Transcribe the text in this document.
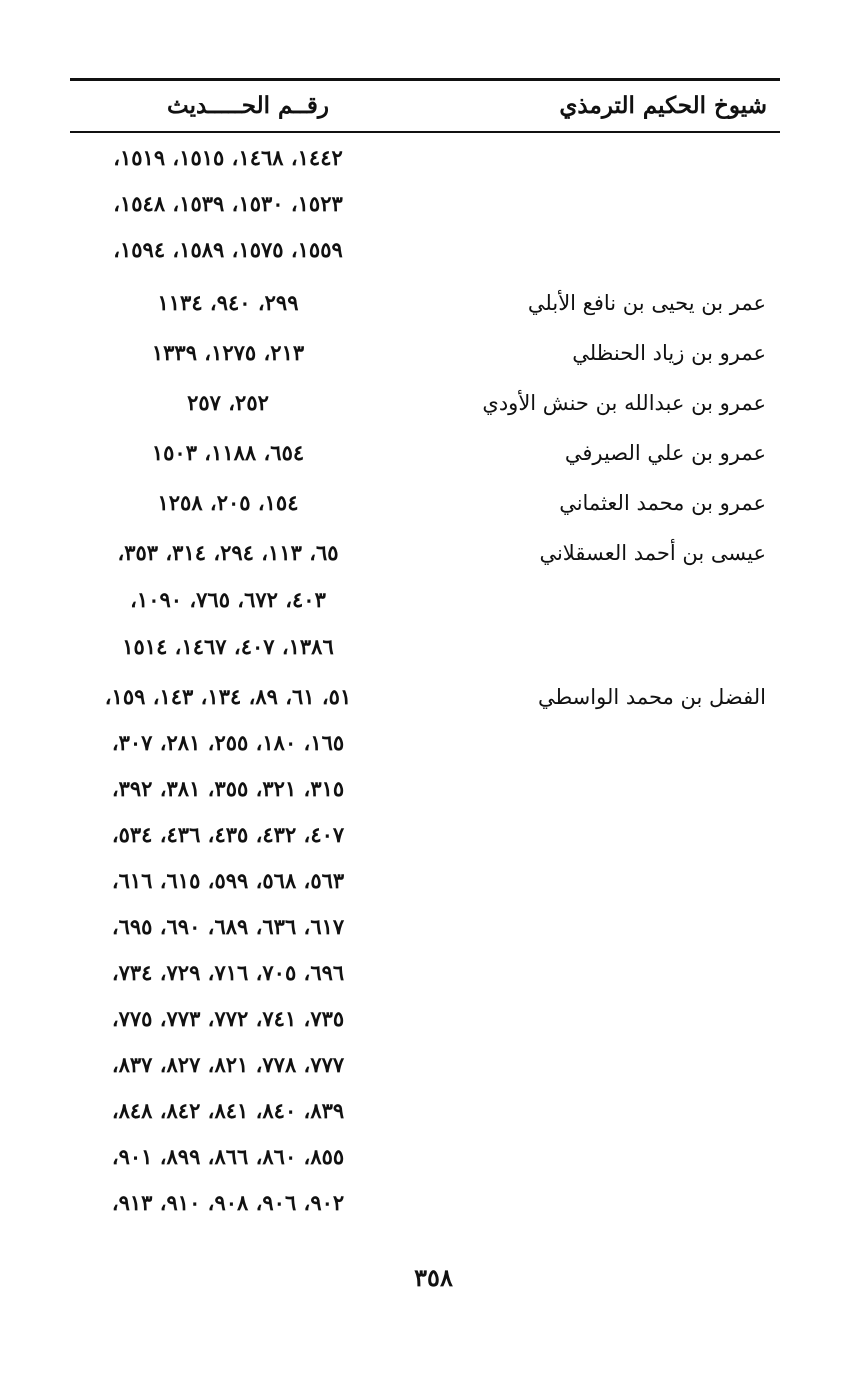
شيوخ الحكيم الترمذي
رقــم الحـــــديث
١٤٤٢، ١٤٦٨، ١٥١٥، ١٥١٩،
١٥٢٣، ١٥٣٠، ١٥٣٩، ١٥٤٨،
١٥٥٩، ١٥٧٥، ١٥٨٩، ١٥٩٤،
عمر بن يحيى بن نافع الأبلي
٢٩٩، ٩٤٠، ١١٣٤
عمرو بن زياد الحنظلي
٢١٣، ١٢٧٥، ١٣٣٩
عمرو بن عبدالله بن حنش الأودي
٢٥٢، ٢٥٧
عمرو بن علي الصيرفي
٦٥٤، ١١٨٨، ١٥٠٣
عمرو بن محمد العثماني
١٥٤، ٢٠٥، ١٢٥٨
عيسى بن أحمد العسقلاني
٦٥، ١١٣، ٢٩٤، ٣١٤، ٣٥٣،
٤٠٣، ٦٧٢، ٧٦٥، ١٠٩٠،
١٣٨٦، ٤٠٧، ١٤٦٧، ١٥١٤
الفضل بن محمد الواسطي
٥١، ٦١، ٨٩، ١٣٤، ١٤٣، ١٥٩،
١٦٥، ١٨٠، ٢٥٥، ٢٨١، ٣٠٧،
٣١٥، ٣٢١، ٣٥٥، ٣٨١، ٣٩٢،
٤٠٧، ٤٣٢، ٤٣٥، ٤٣٦، ٥٣٤،
٥٦٣، ٥٦٨، ٥٩٩، ٦١٥، ٦١٦،
٦١٧، ٦٣٦، ٦٨٩، ٦٩٠، ٦٩٥،
٦٩٦، ٧٠٥، ٧١٦، ٧٢٩، ٧٣٤،
٧٣٥، ٧٤١، ٧٧٢، ٧٧٣، ٧٧٥،
٧٧٧، ٧٧٨، ٨٢١، ٨٢٧، ٨٣٧،
٨٣٩، ٨٤٠، ٨٤١، ٨٤٢، ٨٤٨،
٨٥٥، ٨٦٠، ٨٦٦، ٨٩٩، ٩٠١،
٩٠٢، ٩٠٦، ٩٠٨، ٩١٠، ٩١٣،
٣٥٨
